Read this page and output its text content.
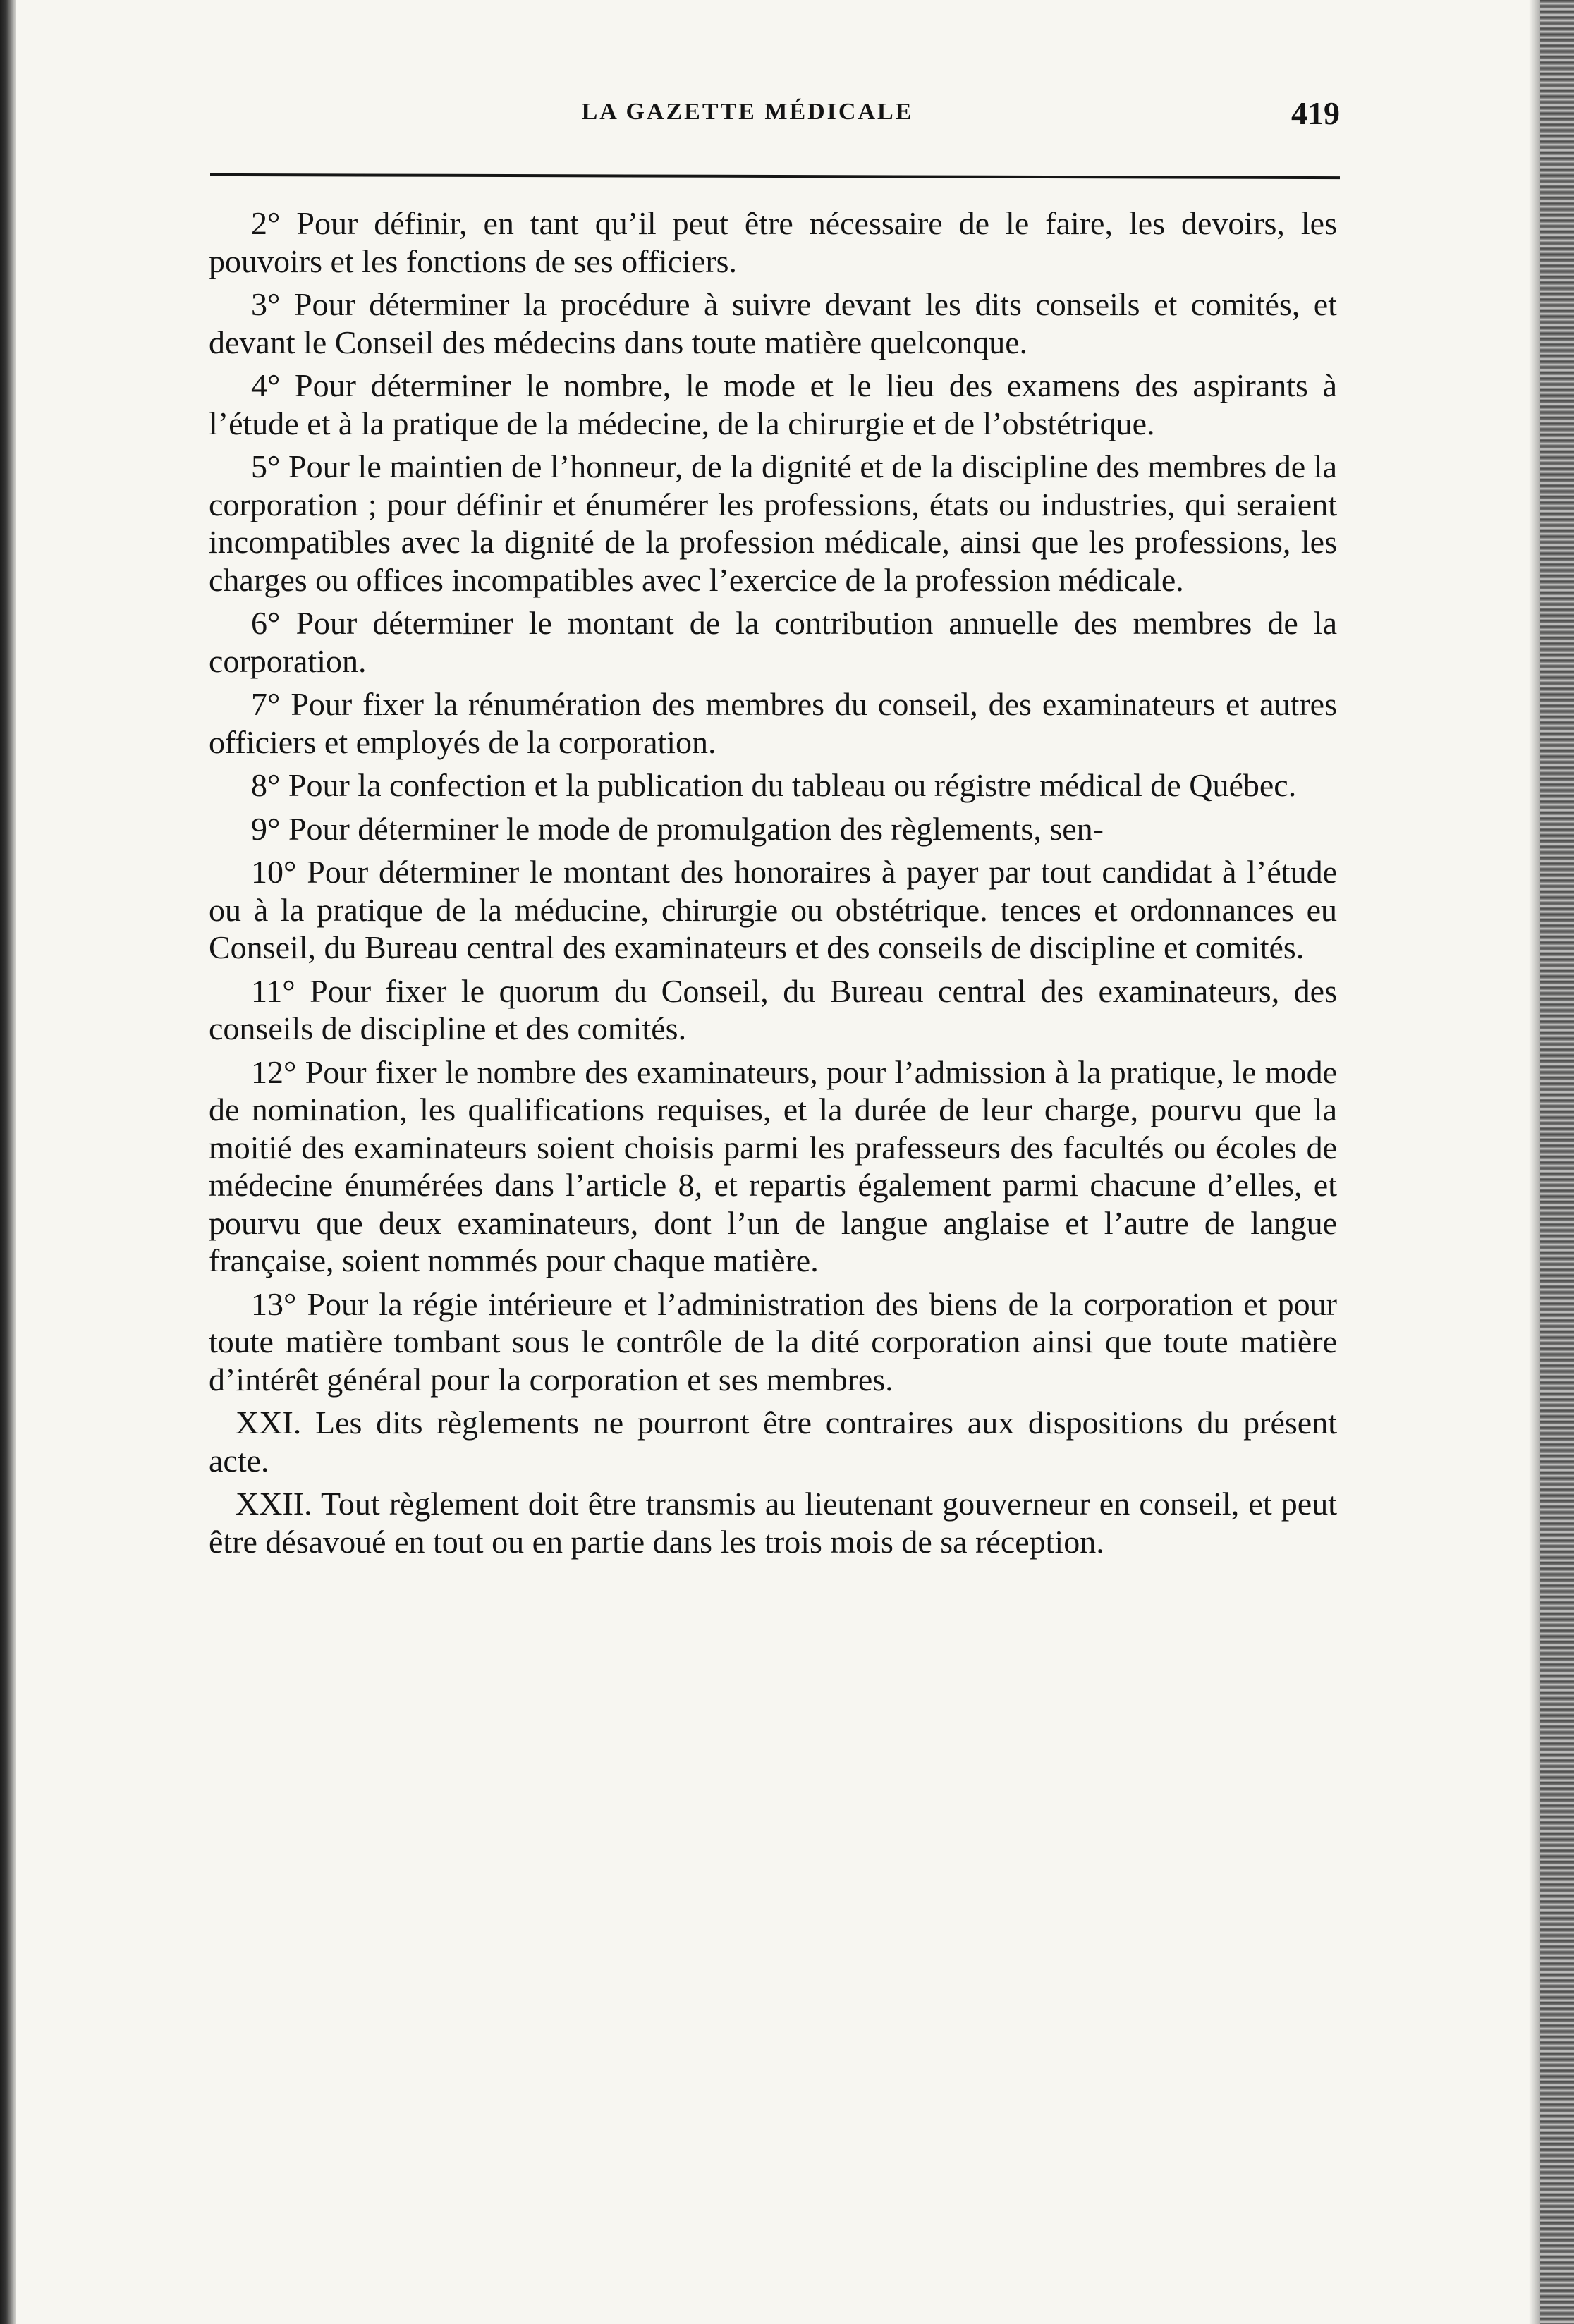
LA GAZETTE MÉDICALE	419

2° Pour définir, en tant qu’il peut être nécessaire de le faire, les devoirs, les pouvoirs et les fonctions de ses officiers.

3° Pour déterminer la procédure à suivre devant les dits conseils et comités, et devant le Conseil des médecins dans toute matière quelconque.

4° Pour déterminer le nombre, le mode et le lieu des examens des aspirants à l’étude et à la pratique de la médecine, de la chirurgie et de l’obstétrique.

5° Pour le maintien de l’honneur, de la dignité et de la discipline des membres de la corporation ; pour définir et énumérer les professions, états ou industries, qui seraient incompatibles avec la dignité de la profession médicale, ainsi que les professions, les charges ou offices incompatibles avec l’exercice de la profession médicale.

6° Pour déterminer le montant de la contribution annuelle des membres de la corporation.

7° Pour fixer la rénumération des membres du conseil, des examinateurs et autres officiers et employés de la corporation.

8° Pour la confection et la publication du tableau ou régistre médical de Québec.

9° Pour déterminer le mode de promulgation des règlements, sen-

10° Pour déterminer le montant des honoraires à payer par tout candidat à l’étude ou à la pratique de la méducine, chirurgie ou obstétrique. tences et ordonnances eu Conseil, du Bureau central des examinateurs et des conseils de discipline et comités.

11° Pour fixer le quorum du Conseil, du Bureau central des examinateurs, des conseils de discipline et des comités.

12° Pour fixer le nombre des examinateurs, pour l’admission à la pratique, le mode de nomination, les qualifications requises, et la durée de leur charge, pourvu que la moitié des examinateurs soient choisis parmi les prafesseurs des facultés ou écoles de médecine énumérées dans l’article 8, et repartis également parmi chacune d’elles, et pourvu que deux examinateurs, dont l’un de langue anglaise et l’autre de langue française, soient nommés pour chaque matière.

13° Pour la régie intérieure et l’administration des biens de la corporation et pour toute matière tombant sous le contrôle de la dité corporation ainsi que toute matière d’intérêt général pour la corporation et ses membres.

XXI. Les dits règlements ne pourront être contraires aux dispositions du présent acte.

XXII. Tout règlement doit être transmis au lieutenant gouverneur en conseil, et peut être désavoué en tout ou en partie dans les trois mois de sa réception.
